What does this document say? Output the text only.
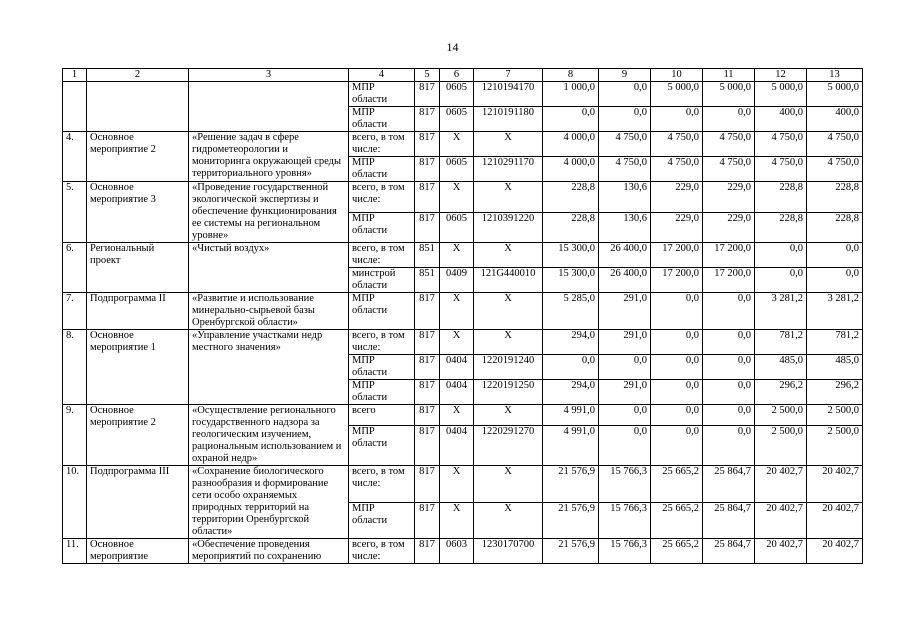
14
1	2	3	4	5	6	7	8	9	10	11	12	13
			МПР области	817	0605	1210194170	1 000,0	0,0	5 000,0	5 000,0	5 000,0	5 000,0
			МПР области	817	0605	1210191180	0,0	0,0	0,0	0,0	400,0	400,0
4.	Основное мероприятие 2	«Решение задач в сфере гидрометеорологии и мониторинга окружающей среды территориального уровня»	всего, в том числе:	817	Х	Х	4 000,0	4 750,0	4 750,0	4 750,0	4 750,0	4 750,0
			МПР области	817	0605	1210291170	4 000,0	4 750,0	4 750,0	4 750,0	4 750,0	4 750,0
5.	Основное мероприятие 3	«Проведение государственной экологической экспертизы и обеспечение функционирования ее системы на региональном уровне»	всего, в том числе:	817	Х	Х	228,8	130,6	229,0	229,0	228,8	228,8
			МПР области	817	0605	1210391220	228,8	130,6	229,0	229,0	228,8	228,8
6.	Региональный проект	«Чистый воздух»	всего, в том числе:	851	Х	Х	15 300,0	26 400,0	17 200,0	17 200,0	0,0	0,0
			минстрой области	851	0409	121G440010	15 300,0	26 400,0	17 200,0	17 200,0	0,0	0,0
7.	Подпрограмма II	«Развитие и использование минерально-сырьевой базы Оренбургской области»	МПР области	817	Х	Х	5 285,0	291,0	0,0	0,0	3 281,2	3 281,2
8.	Основное мероприятие 1	«Управление участками недр местного значения»	всего, в том числе:	817	Х	Х	294,0	291,0	0,0	0,0	781,2	781,2
			МПР области	817	0404	1220191240	0,0	0,0	0,0	0,0	485,0	485,0
			МПР области	817	0404	1220191250	294,0	291,0	0,0	0,0	296,2	296,2
9.	Основное мероприятие 2	«Осуществление регионального государственного надзора за геологическим изучением, рациональным использованием и охраной недр»	всего	817	Х	Х	4 991,0	0,0	0,0	0,0	2 500,0	2 500,0
			МПР области	817	0404	1220291270	4 991,0	0,0	0,0	0,0	2 500,0	2 500,0
10.	Подпрограмма III	«Сохранение биологического разнообразия и формирование сети особо охраняемых природных территорий на территории Оренбургской области»	всего, в том числе:	817	Х	Х	21 576,9	15 766,3	25 665,2	25 864,7	20 402,7	20 402,7
			МПР области	817	Х	Х	21 576,9	15 766,3	25 665,2	25 864,7	20 402,7	20 402,7
11.	Основное мероприятие	«Обеспечение проведения мероприятий по сохранению	всего, в том числе:	817	0603	1230170700	21 576,9	15 766,3	25 665,2	25 864,7	20 402,7	20 402,7
